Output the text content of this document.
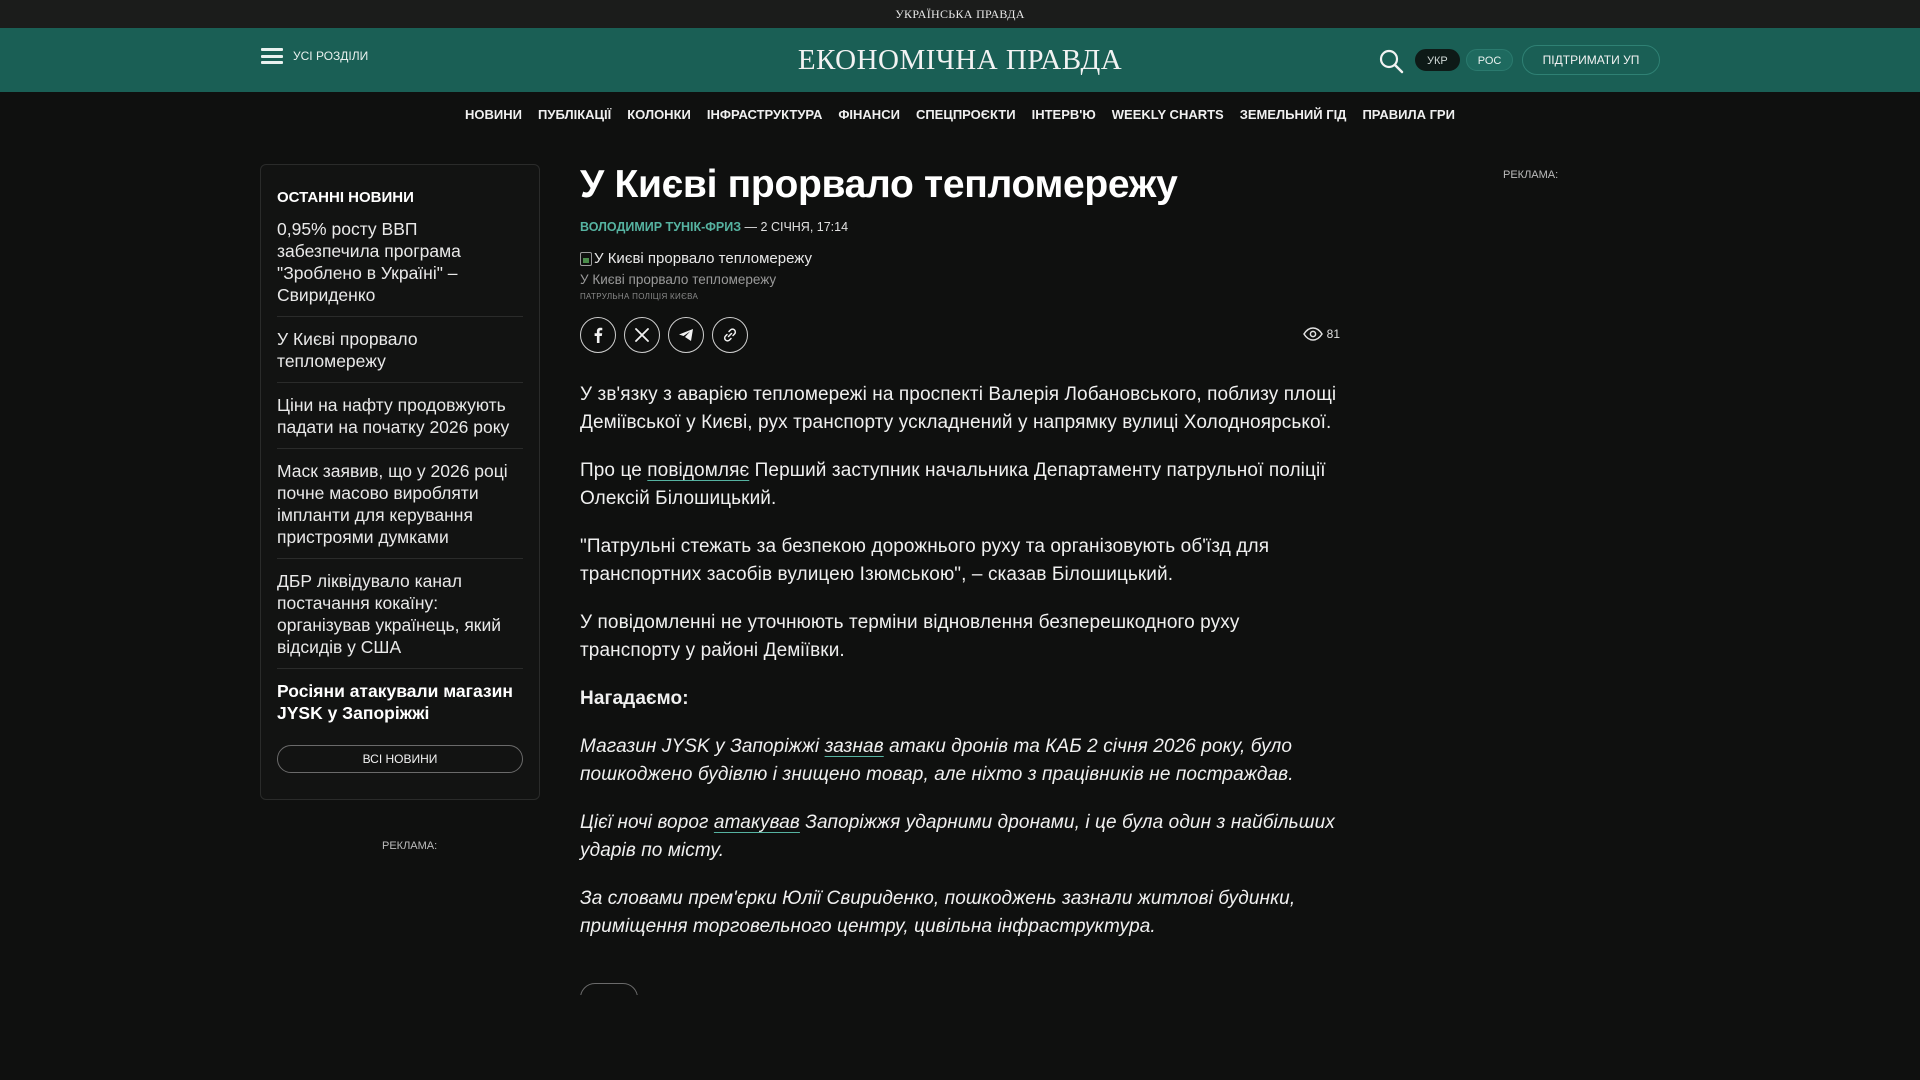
УКРАЇНСЬКА ПРАВДА
УСІ РОЗДІЛИ	ЕКОНОМІЧНА ПРАВДА	УКР	РОС	ПІДТРИМАТИ УП
НОВИНИ ПУБЛІКАЦІЇ КОЛОНКИ ІНФРАСТРУКТУРА ФІНАНСИ СПЕЦПРОЄКТИ ІНТЕРВ'Ю WEEKLY CHARTS ЗЕМЕЛЬНИЙ ГІД ПРАВИЛА ГРИ
ОСТАННІ НОВИНИ
0,95% росту ВВП забезпечила програма "Зроблено в Україні" – Свириденко
У Києві прорвало тепломережу
Ціни на нафту продовжують падати на початку 2026 року
Маск заявив, що у 2026 році почне масово виробляти імпланти для керування пристроями думками
ДБР ліквідувало канал постачання кокаїну: організував українець, який відсидів у США
Росіяни атакували магазин JYSK у Запоріжжі
ВСІ НОВИНИ
РЕКЛАМА:
РЕКЛАМА:
У Києві прорвало тепломережу
ВОЛОДИМИР ТУНІК-ФРИЗ — 2 СІЧНЯ, 17:14
У Києві прорвало тепломережу
У Києві прорвало тепломережу
ПАТРУЛЬНА ПОЛІЦІЯ КИЄВА
81

У зв'язку з аварією тепломережі на проспекті Валерія Лобановського, поблизу площі Деміївської у Києві, рух транспорту ускладнений у напрямку вулиці Холодноярської.

Про це повідомляє Перший заступник начальника Департаменту патрульної поліції Олексій Білошицький.

"Патрульні стежать за безпекою дорожнього руху та організовують об'їзд для транспортних засобів вулицею Ізюмською", – сказав Білошицький.

У повідомленні не уточнюють терміни відновлення безперешкодного руху транспорту у районі Деміївки.

Нагадаємо:

Магазин JYSK у Запоріжжі зазнав атаки дронів та КАБ 2 січня 2026 року, було пошкоджено будівлю і знищено товар, але ніхто з працівників не постраждав.

Цієї ночі ворог атакував Запоріжжя ударними дронами, і це була один з найбільших ударів по місту.

За словами прем'єрки Юлії Свириденко, пошкоджень зазнали житлові будинки, приміщення торговельного центру, цивільна інфраструктура.
